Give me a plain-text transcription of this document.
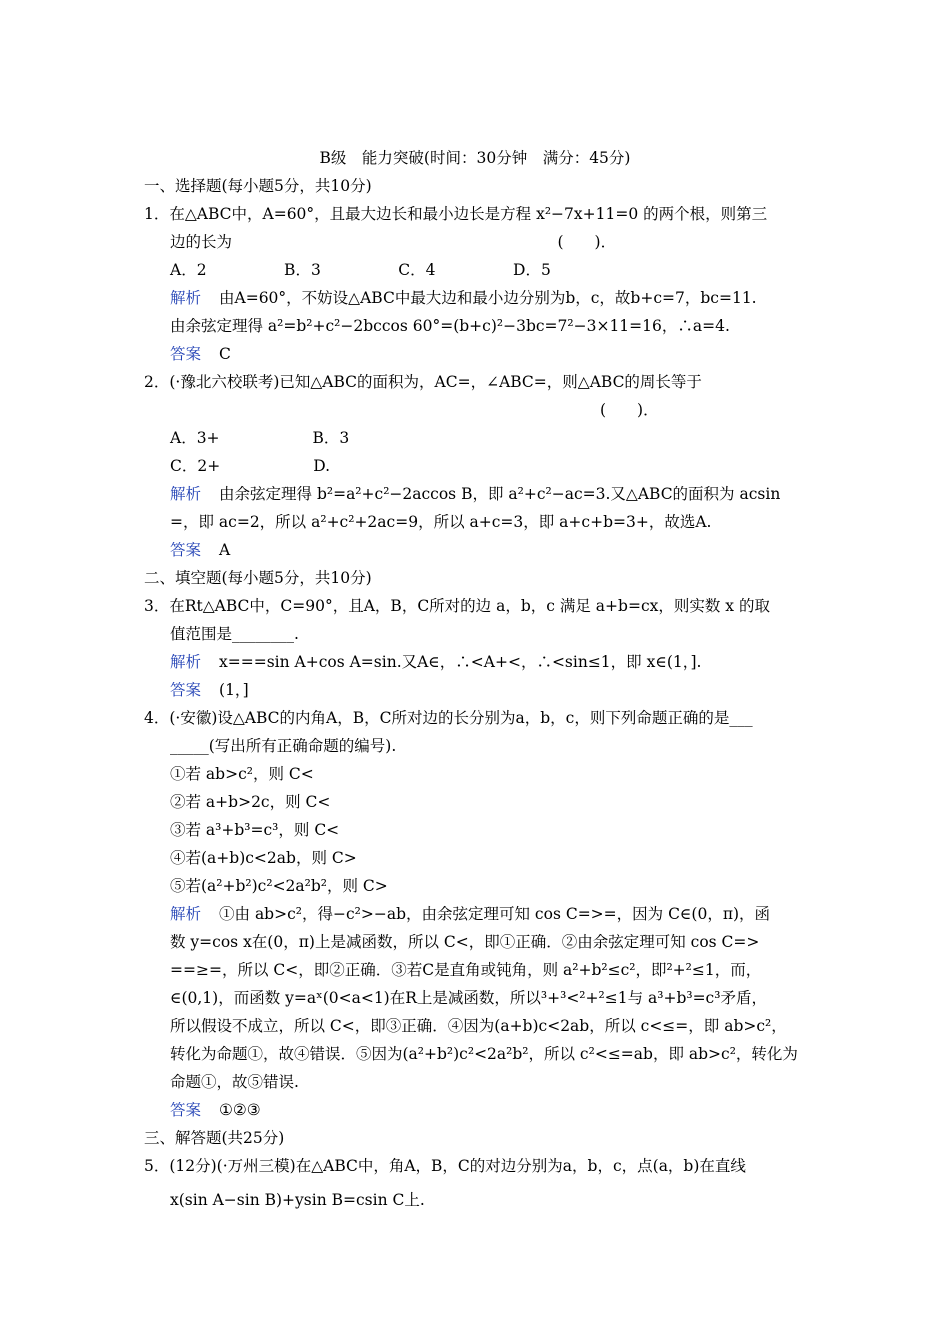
B级　能力突破(时间：30分钟　满分：45分)
一、选择题(每小题5分，共10分)
1．在△ABC中，A=60°，且最大边长和最小边长是方程 x²−7x+11=0 的两个根，则第三
边的长为　　　　　　　　　　　　　　　　　　　　　(　　)．
A．2　　　　　B．3　　　　　C．4　　　　　D．5
解析 由A=60°，不妨设△ABC中最大边和最小边分别为b，c，故b+c=7，bc=11.
由余弦定理得 a²=b²+c²−2bccos 60°=(b+c)²−3bc=7²−3×11=16，∴a=4.
答案 C
2．(·豫北六校联考)已知△ABC的面积为，AC=，∠ABC=，则△ABC的周长等于
(　　)．
A．3+　　　　　　B．3
C．2+　　　　　　D.
解析 由余弦定理得 b²=a²+c²−2accos B，即 a²+c²−ac=3.又△ABC的面积为 acsin
=，即 ac=2，所以 a²+c²+2ac=9，所以 a+c=3，即 a+c+b=3+，故选A.
答案 A
二、填空题(每小题5分，共10分)
3．在Rt△ABC中，C=90°，且A，B，C所对的边 a，b，c 满足 a+b=cx，则实数 x 的取
值范围是________.
解析 x===sin A+cos A=sin.又A∈，∴<A+<，∴<sin≤1，即 x∈(1，].
答案 (1，]
4．(·安徽)设△ABC的内角A，B，C所对边的长分别为a，b，c，则下列命题正确的是___
_____(写出所有正确命题的编号).
①若 ab>c²，则 C<
②若 a+b>2c，则 C<
③若 a³+b³=c³，则 C<
④若(a+b)c<2ab，则 C>
⑤若(a²+b²)c²<2a²b²，则 C>
解析 ①由 ab>c²，得−c²>−ab，由余弦定理可知 cos C=>=，因为 C∈(0，π)，函
数 y=cos x在(0，π)上是减函数，所以 C<，即①正确．②由余弦定理可知 cos C=>
==≥=，所以 C<，即②正确．③若C是直角或钝角，则 a²+b²≤c²，即²+²≤1，而，
∈(0,1)，而函数 y=aˣ(0<a<1)在R上是减函数，所以³+³<²+²≤1与 a³+b³=c³矛盾，
所以假设不成立，所以 C<，即③正确．④因为(a+b)c<2ab，所以 c<≤=，即 ab>c²，
转化为命题①，故④错误．⑤因为(a²+b²)c²<2a²b²，所以 c²<≤=ab，即 ab>c²，转化为
命题①，故⑤错误.
答案 ①②③
三、解答题(共25分)
5．(12分)(·万州三模)在△ABC中，角A，B，C的对边分别为a，b，c，点(a，b)在直线
x(sin A−sin B)+ysin B=csin C上.
